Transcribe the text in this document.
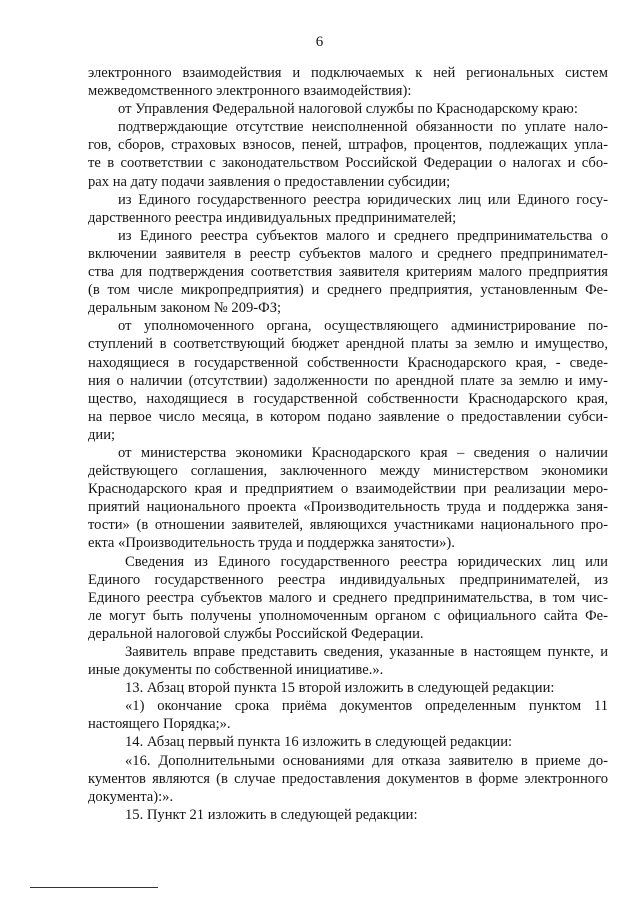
6
электронного взаимодействия и подключаемых к ней региональных систем
межведомственного электронного взаимодействия):
от Управления Федеральной налоговой службы по Краснодарскому краю:
подтверждающие отсутствие неисполненной обязанности по уплате нало-
гов, сборов, страховых взносов, пеней, штрафов, процентов, подлежащих упла-
те в соответствии с законодательством Российской Федерации о налогах и сбо-
рах на дату подачи заявления о предоставлении субсидии;
из Единого государственного реестра юридических лиц или Единого госу-
дарственного реестра индивидуальных предпринимателей;
из Единого реестра субъектов малого и среднего предпринимательства о
включении заявителя в реестр субъектов малого и среднего предпринимател-
ства для подтверждения соответствия заявителя критериям малого предприятия
(в том числе микропредприятия) и среднего предприятия, установленным Фе-
деральным законом № 209-ФЗ;
от уполномоченного органа, осуществляющего администрирование по-
ступлений в соответствующий бюджет арендной платы за землю и имущество,
находящиеся в государственной собственности Краснодарского края, - сведе-
ния о наличии (отсутствии) задолженности по арендной плате за землю и иму-
щество, находящиеся в государственной собственности Краснодарского края,
на первое число месяца, в котором подано заявление о предоставлении субси-
дии;
от министерства экономики Краснодарского края – сведения о наличии
действующего соглашения, заключенного между министерством экономики
Краснодарского края и предприятием о взаимодействии при реализации меро-
приятий национального проекта «Производительность труда и поддержка заня-
тости» (в отношении заявителей, являющихся участниками национального про-
екта «Производительность труда и поддержка занятости»).
Сведения из Единого государственного реестра юридических лиц или
Единого государственного реестра индивидуальных предпринимателей, из
Единого реестра субъектов малого и среднего предпринимательства, в том чис-
ле могут быть получены уполномоченным органом с официального сайта Фе-
деральной налоговой службы Российской Федерации.
Заявитель вправе представить сведения, указанные в настоящем пункте, и
иные документы по собственной инициативе.».
13. Абзац второй пункта 15 второй изложить в следующей редакции:
«1) окончание срока приёма документов определенным пунктом 11
настоящего Порядка;».
14. Абзац первый пункта 16 изложить в следующей редакции:
«16. Дополнительными основаниями для отказа заявителю в приеме до-
кументов являются (в случае предоставления документов в форме электронного
документа):».
15. Пункт 21 изложить в следующей редакции:
